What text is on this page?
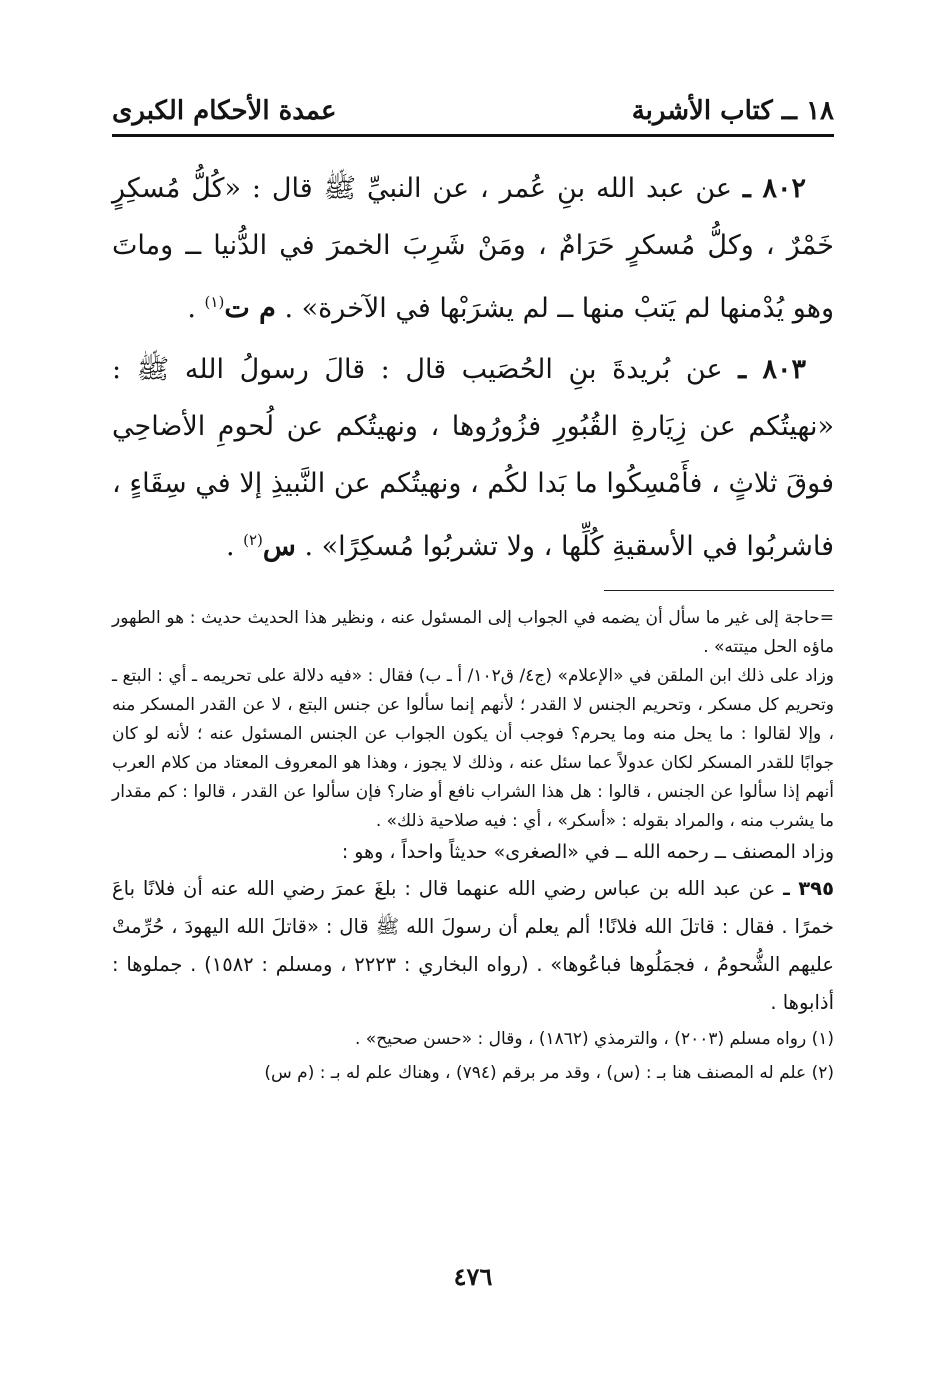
١٨ ــ كتاب الأشربة
عمدة الأحكام الكبرى

٨٠٢ ـ عن عبد الله بنِ عُمر ، عن النبيِّ ﷺ قال : «كُلُّ مُسكِرٍ خَمْرٌ ، وكلُّ مُسكرٍ حَرَامٌ ، ومَنْ شَرِبَ الخمرَ في الدُّنيا ــ وماتَ وهو يُدْمنها لم يَتبْ منها ــ لم يشرَبْها في الآخرة» . م ت$^{(١)}$ .

٨٠٣ ـ عن بُريدةَ بنِ الحُصَيب قال : قالَ رسولُ الله ﷺ : «نهيتُكم عن زِيَارةِ القُبُورِ فزُورُوها ، ونهيتُكم عن لُحومِ الأضاحِي فوقَ ثلاثٍ ، فأَمْسِكُوا ما بَدا لكُم ، ونهيتُكم عن النَّبيذِ إلا في سِقَاءٍ ، فاشربُوا في الأسقيةِ كُلِّها ، ولا تشربُوا مُسكِرًا» . س$^{(٢)}$ .

=حاجة إلى غير ما سأل أن يضمه في الجواب إلى المسئول عنه ، ونظير هذا الحديث حديث : هو الطهور ماؤه الحل ميتته» .

وزاد على ذلك ابن الملقن في «الإعلام» (ج٤/ ق١٠٢/ أ ـ ب) فقال : «فيه دلالة على تحريمه ـ أي : البتع ـ وتحريم كل مسكر ، وتحريم الجنس لا القدر ؛ لأنهم إنما سألوا عن جنس البتع ، لا عن القدر المسكر منه ، وإلا لقالوا : ما يحل منه وما يحرم؟ فوجب أن يكون الجواب عن الجنس المسئول عنه ؛ لأنه لو كان جوابًا للقدر المسكر لكان عدولاً عما سئل عنه ، وذلك لا يجوز ، وهذا هو المعروف المعتاد من كلام العرب أنهم إذا سألوا عن الجنس ، قالوا : هل هذا الشراب نافع أو ضار؟ فإن سألوا عن القدر ، قالوا : كم مقدار ما يشرب منه ، والمراد بقوله : «أسكر» ، أي : فيه صلاحية ذلك» .

وزاد المصنف ــ رحمه الله ــ في «الصغرى» حديثاً واحداً ، وهو :

٣٩٥ ـ عن عبد الله بن عباس رضي الله عنهما قال : بلغَ عمرَ رضي الله عنه أن فلانًا باعَ خمرًا . فقال : قاتلَ الله فلانًا! ألم يعلم أن رسولَ الله ﷺ قال : «قاتلَ الله اليهودَ ، حُرِّمتْ عليهم الشُّحومُ ، فجمَلُوها فباعُوها» . (رواه البخاري : ٢٢٢٣ ، ومسلم : ١٥٨٢) . جملوها : أذابوها .

(١) رواه مسلم (٢٠٠٣) ، والترمذي (١٨٦٢) ، وقال : «حسن صحيح» .

(٢) علم له المصنف هنا بـ : (س) ، وقد مر برقم (٧٩٤) ، وهناك علم له بـ : (م س)

٤٧٦
